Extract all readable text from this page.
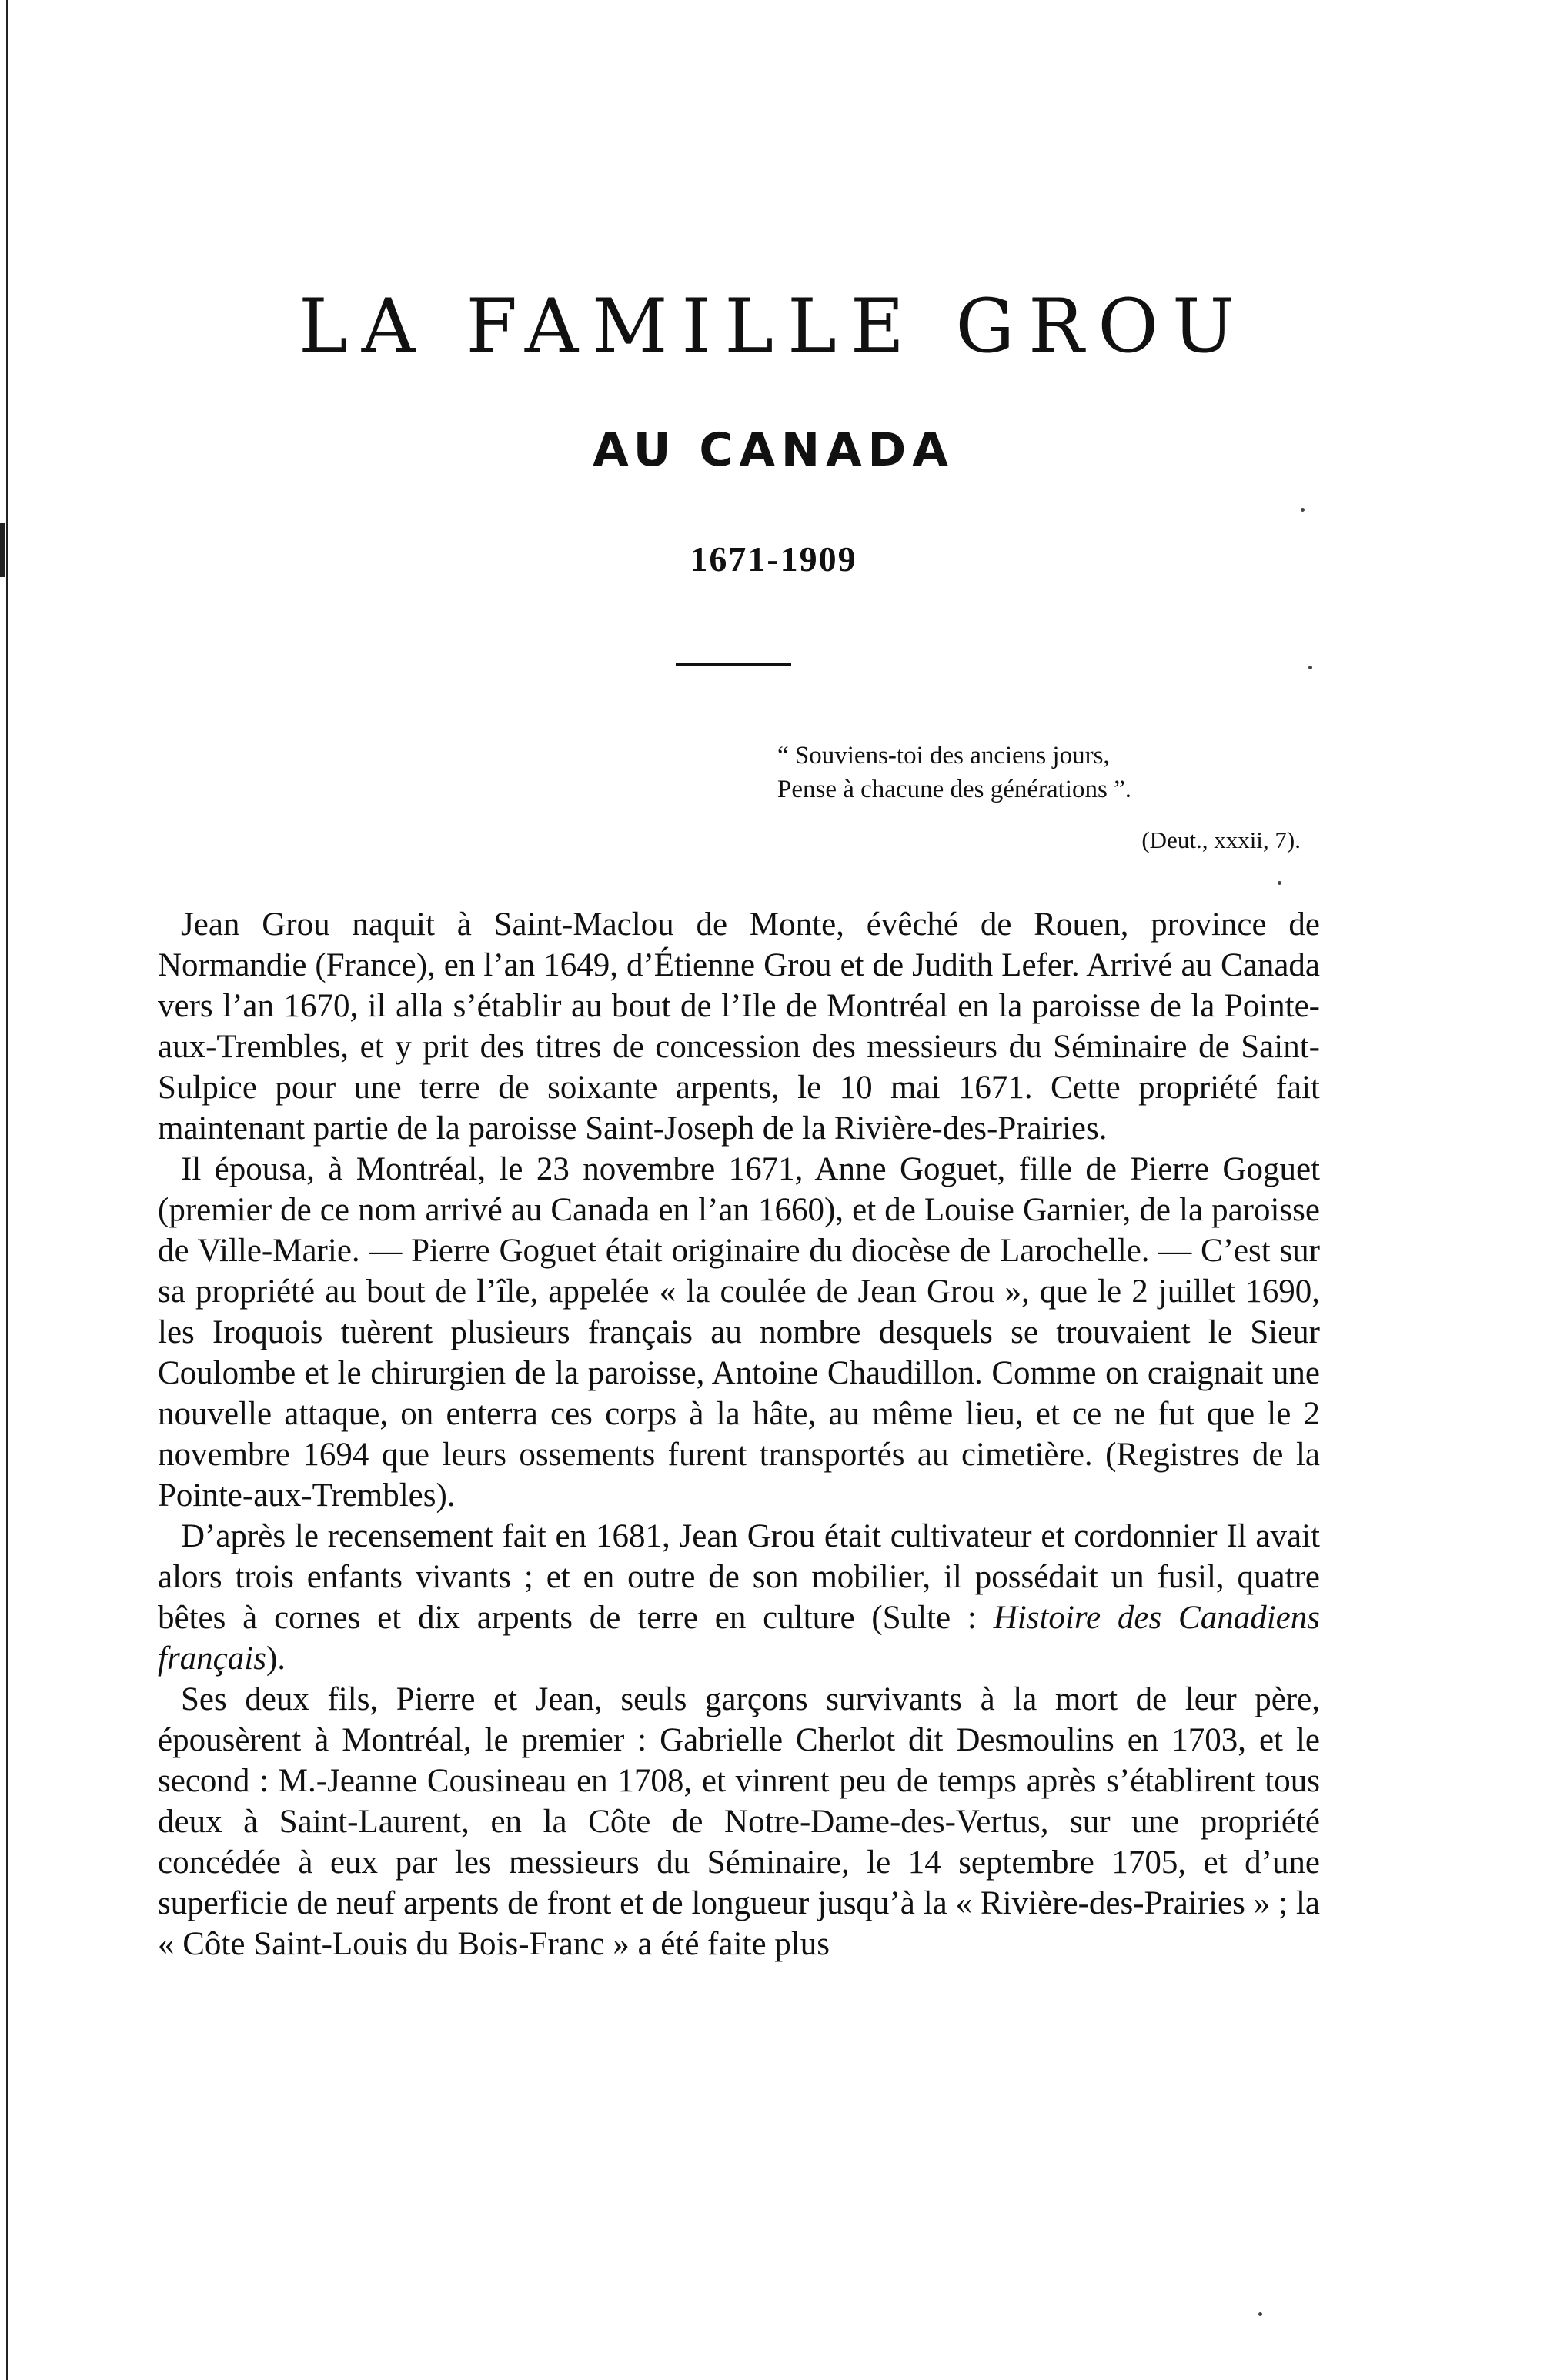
LA FAMILLE GROU
AU CANADA
1671-1909
“ Souviens-toi des anciens jours,
Pense à chacune des générations ”.
(Deut., xxxii, 7).

Jean Grou naquit à Saint-Maclou de Monte, évêché de Rouen, province de Normandie (France), en l’an 1649, d’Étienne Grou et de Judith Lefer. Arrivé au Canada vers l’an 1670, il alla s’établir au bout de l’Ile de Montréal en la paroisse de la Pointe-aux-Trembles, et y prit des titres de concession des messieurs du Séminaire de Saint-Sulpice pour une terre de soixante arpents, le 10 mai 1671. Cette propriété fait maintenant partie de la paroisse Saint-Joseph de la Rivière-des-Prairies.

Il épousa, à Montréal, le 23 novembre 1671, Anne Goguet, fille de Pierre Goguet (premier de ce nom arrivé au Canada en l’an 1660), et de Louise Garnier, de la paroisse de Ville-Marie. — Pierre Goguet était originaire du diocèse de Larochelle. — C’est sur sa propriété au bout de l’île, appelée « la coulée de Jean Grou », que le 2 juillet 1690, les Iroquois tuèrent plusieurs français au nombre desquels se trouvaient le Sieur Coulombe et le chirurgien de la paroisse, Antoine Chaudillon. Comme on craignait une nouvelle attaque, on enterra ces corps à la hâte, au même lieu, et ce ne fut que le 2 novembre 1694 que leurs ossements furent transportés au cimetière. (Registres de la Pointe-aux-Trembles).

D’après le recensement fait en 1681, Jean Grou était cultivateur et cordonnier Il avait alors trois enfants vivants ; et en outre de son mobilier, il possédait un fusil, quatre bêtes à cornes et dix arpents de terre en culture (Sulte : Histoire des Canadiens français).

Ses deux fils, Pierre et Jean, seuls garçons survivants à la mort de leur père, épousèrent à Montréal, le premier : Gabrielle Cherlot dit Desmoulins en 1703, et le second : M.-Jeanne Cousineau en 1708, et vinrent peu de temps après s’établirent tous deux à Saint-Laurent, en la Côte de Notre-Dame-des-Vertus, sur une propriété concédée à eux par les messieurs du Séminaire, le 14 septembre 1705, et d’une superficie de neuf arpents de front et de longueur jusqu’à la « Rivière-des-Prairies » ; la « Côte Saint-Louis du Bois-Franc » a été faite plus
